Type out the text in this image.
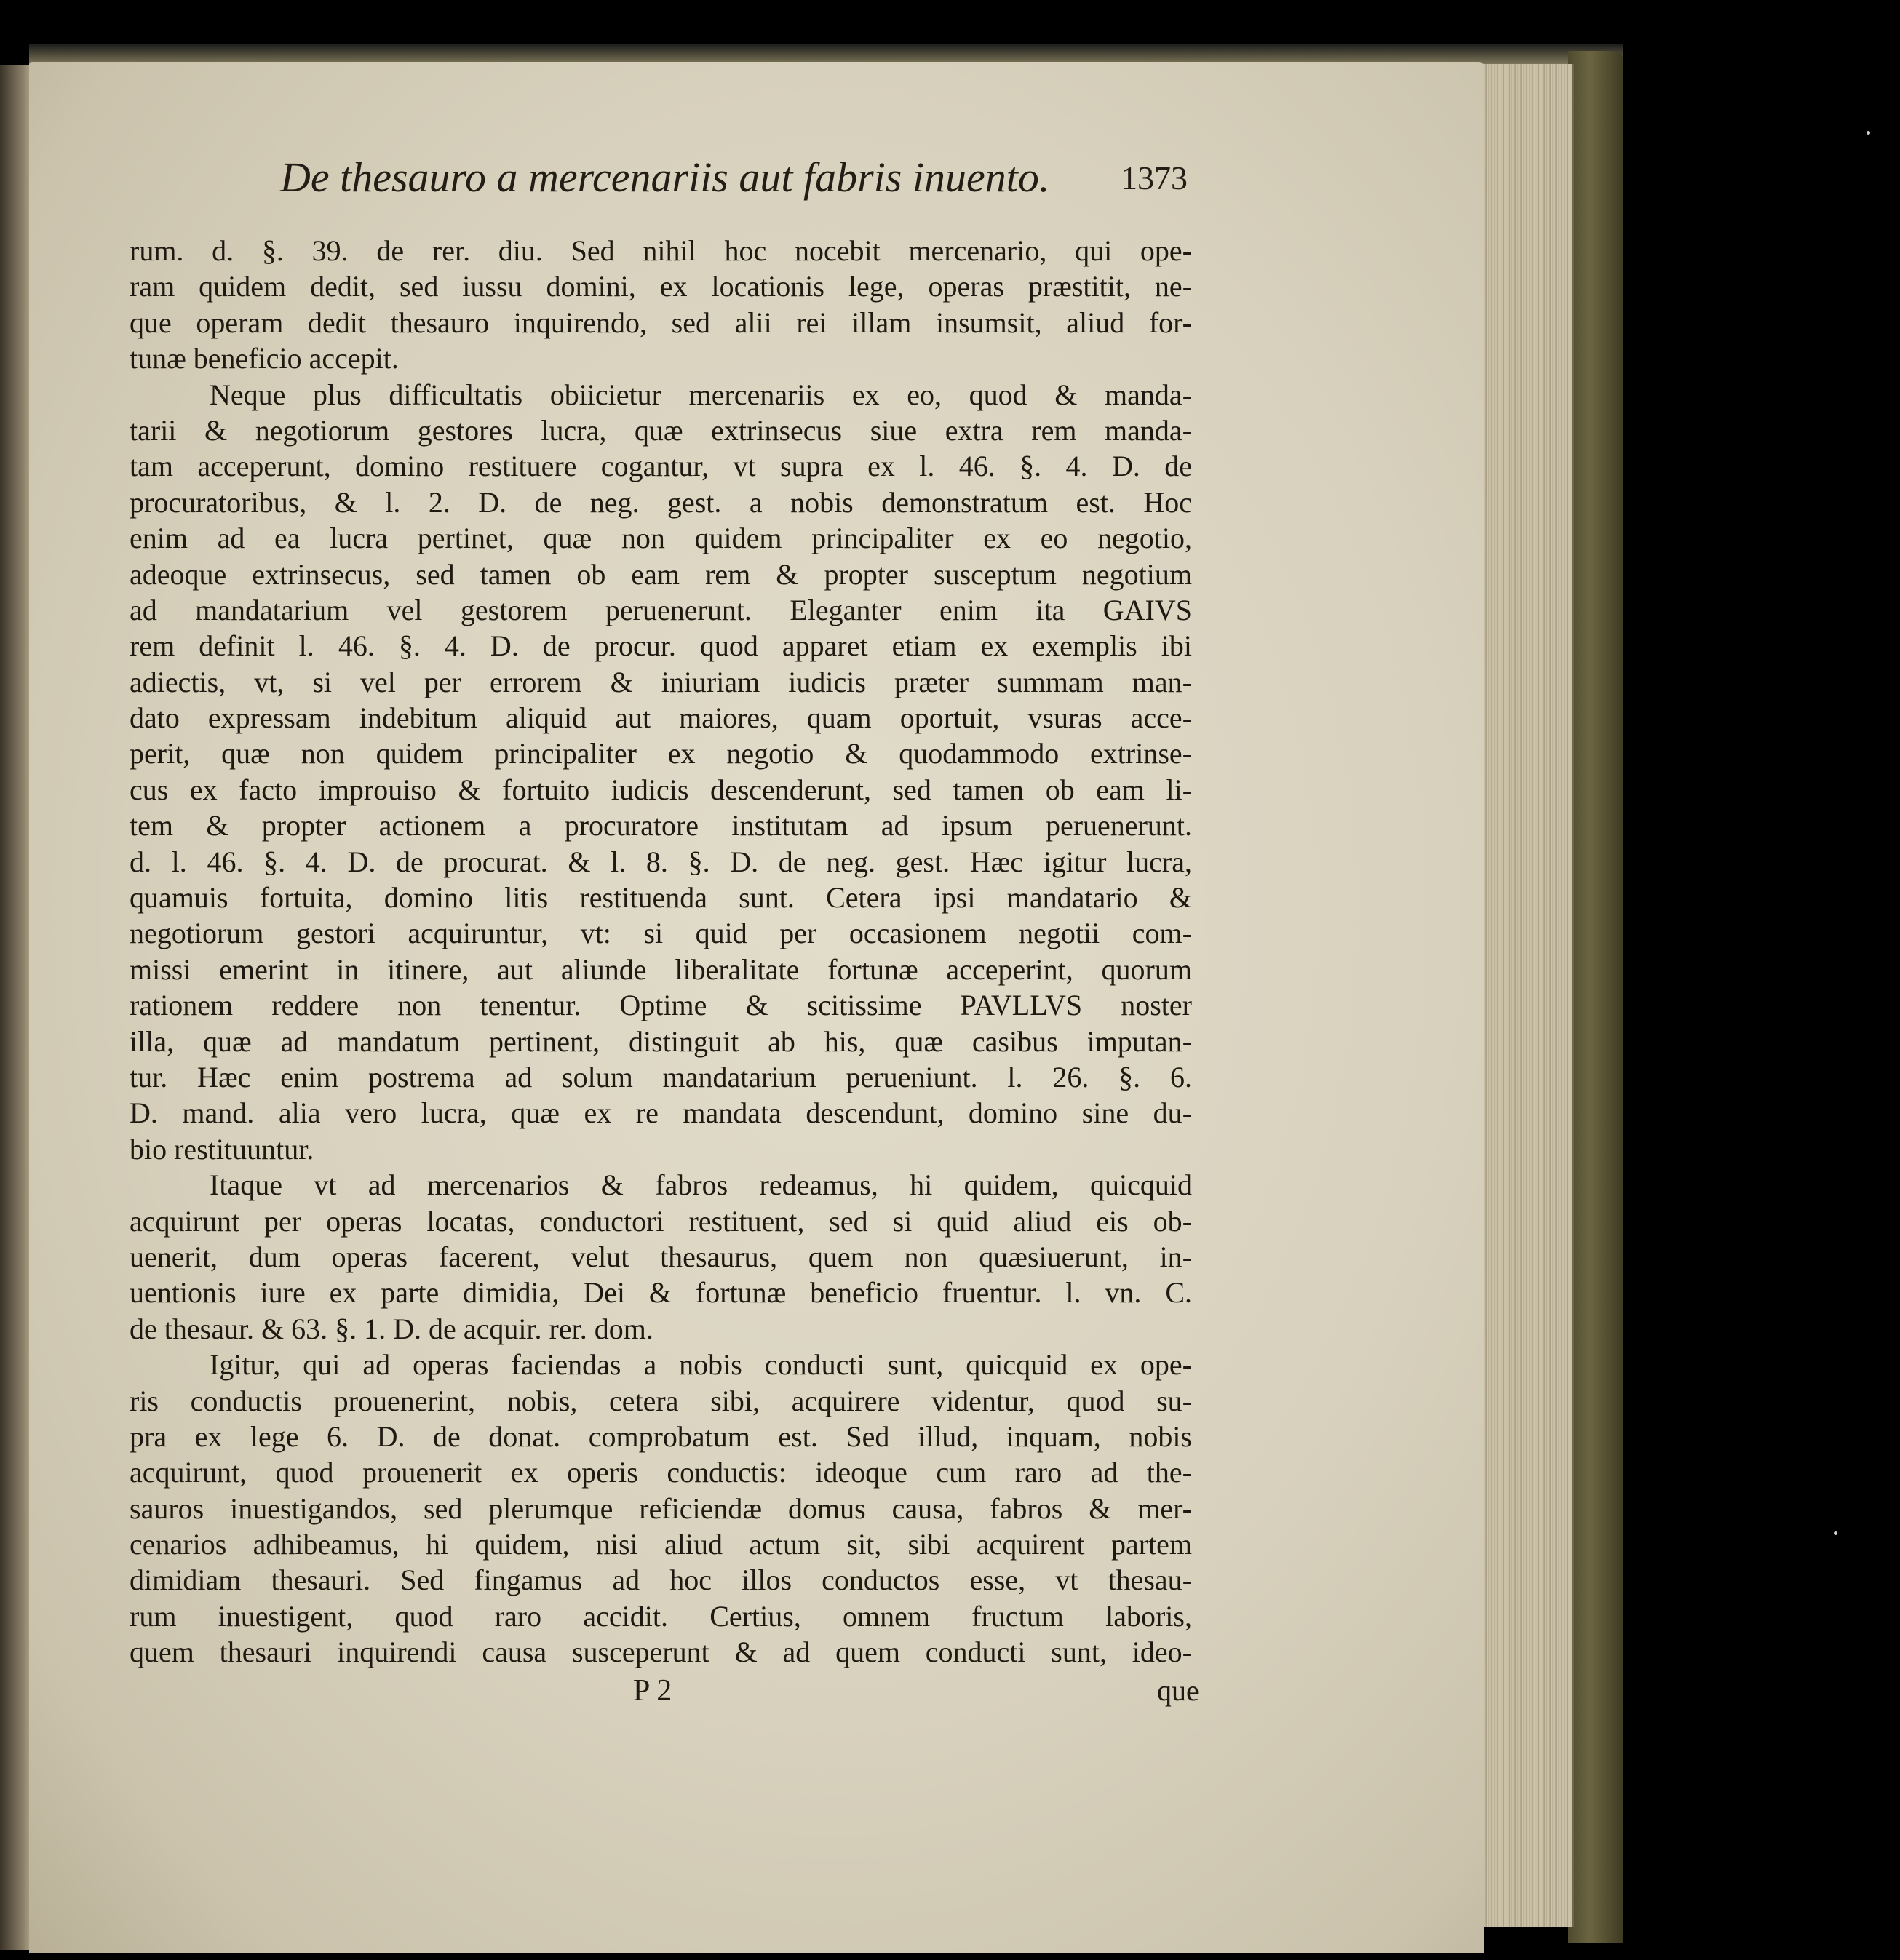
De thesauro a mercenariis aut fabris inuento.	1373
rum. d. §. 39. de rer. diu. Sed nihil hoc nocebit mercenario, qui ope-
ram quidem dedit, sed iussu domini, ex locationis lege, operas præstitit, ne-
que operam dedit thesauro inquirendo, sed alii rei illam insumsit, aliud for-
tunæ beneficio accepit.
Neque plus difficultatis obiicietur mercenariis ex eo, quod & manda-
tarii & negotiorum gestores lucra, quæ extrinsecus siue extra rem manda-
tam acceperunt, domino restituere cogantur, vt supra ex l. 46. §. 4. D. de
procuratoribus, & l. 2. D. de neg. gest. a nobis demonstratum est. Hoc
enim ad ea lucra pertinet, quæ non quidem principaliter ex eo negotio,
adeoque extrinsecus, sed tamen ob eam rem & propter susceptum negotium
ad mandatarium vel gestorem peruenerunt. Eleganter enim ita GAIVS
rem definit l. 46. §. 4. D. de procur. quod apparet etiam ex exemplis ibi
adiectis, vt, si vel per errorem & iniuriam iudicis præter summam man-
dato expressam indebitum aliquid aut maiores, quam oportuit, vsuras acce-
perit, quæ non quidem principaliter ex negotio & quodammodo extrinse-
cus ex facto improuiso & fortuito iudicis descenderunt, sed tamen ob eam li-
tem & propter actionem a procuratore institutam ad ipsum peruenerunt.
d. l. 46. §. 4. D. de procurat. & l. 8. §. D. de neg. gest. Hæc igitur lucra,
quamuis fortuita, domino litis restituenda sunt. Cetera ipsi mandatario &
negotiorum gestori acquiruntur, vt: si quid per occasionem negotii com-
missi emerint in itinere, aut aliunde liberalitate fortunæ acceperint, quorum
rationem reddere non tenentur. Optime & scitissime PAVLLVS noster
illa, quæ ad mandatum pertinent, distinguit ab his, quæ casibus imputan-
tur. Hæc enim postrema ad solum mandatarium perueniunt. l. 26. §. 6.
D. mand. alia vero lucra, quæ ex re mandata descendunt, domino sine du-
bio restituuntur.
Itaque vt ad mercenarios & fabros redeamus, hi quidem, quicquid
acquirunt per operas locatas, conductori restituent, sed si quid aliud eis ob-
uenerit, dum operas facerent, velut thesaurus, quem non quæsiuerunt, in-
uentionis iure ex parte dimidia, Dei & fortunæ beneficio fruentur. l. vn. C.
de thesaur. & 63. §. 1. D. de acquir. rer. dom.
Igitur, qui ad operas faciendas a nobis conducti sunt, quicquid ex ope-
ris conductis prouenerint, nobis, cetera sibi, acquirere videntur, quod su-
pra ex lege 6. D. de donat. comprobatum est. Sed illud, inquam, nobis
acquirunt, quod prouenerit ex operis conductis: ideoque cum raro ad the-
sauros inuestigandos, sed plerumque reficiendæ domus causa, fabros & mer-
cenarios adhibeamus, hi quidem, nisi aliud actum sit, sibi acquirent partem
dimidiam thesauri. Sed fingamus ad hoc illos conductos esse, vt thesau-
rum inuestigent, quod raro accidit. Certius, omnem fructum laboris,
quem thesauri inquirendi causa susceperunt & ad quem conducti sunt, ideo-
P 2	que
